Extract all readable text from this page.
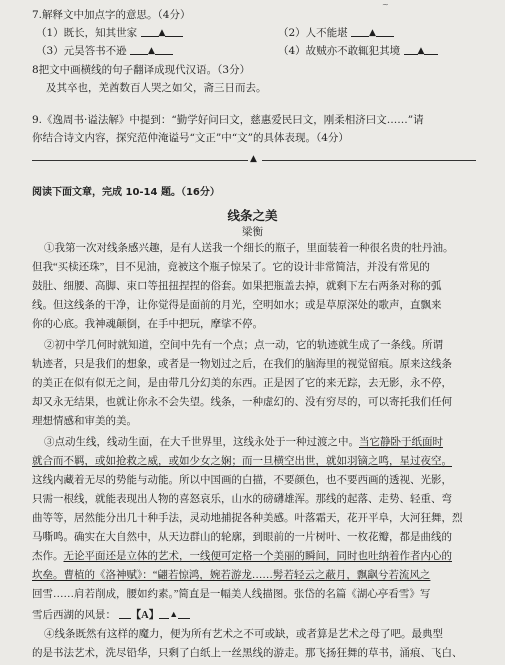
7.解释文中加点字的意思。（4分）
~
（1）既长，知其世家 ▲	（2）人不能堪 ▲
（3）元昊答书不逊 ▲	（4）故贼亦不敢辄犯其境 ▲
8把文中画横线的句子翻译成现代汉语。（3分）
及其卒也，羌酋数百人哭之如父，斋三日而去。
9.《逸周书·谥法解》中提到：“勤学好问曰文，慈惠爱民曰文，刚柔相济曰文……”请
你结合诗文内容，探究范仲淹谥号“文正”中“文”的具体表现。（4分）
▲
阅读下面文章，完成 10-14 题。（16分）
线条之美
梁衡
①我第一次对线条感兴趣，是有人送我一个细长的瓶子，里面装着一种很名贵的牡丹油。
但我“买椟还珠”，目不见油，竟被这个瓶子惊呆了。它的设计非常简洁，并没有常见的
鼓肚、细腰、高脚、束口等扭扭捏捏的俗套。如果把瓶盖去掉，就剩下左右两条对称的弧
线。但这线条的干净，让你觉得是面前的月光，空明如水；或是草原深处的歌声，直飘来
你的心底。我神魂颠倒，在手中把玩，摩挲不停。
②初中学几何时就知道，空间中先有一个点；点一动，它的轨迹就生成了一条线。所谓
轨迹者，只是我们的想象，或者是一物划过之后，在我们的脑海里的视觉留痕。原来这线条
的美正在似有似无之间，是由带几分幻美的东西。正是因了它的来无踪，去无影，永不停，
却又永无结果，也就让你永不会失望。线条，一种虚幻的、没有穷尽的，可以寄托我们任何
理想情感和审美的美。
③点动生线，线动生面，在大千世界里，这线永处于一种过渡之中。当它静卧于纸面时
就合而不羁，或如抢救之威，或如少女之娴；而一旦横空出世，就如羽镝之鸣，星过夜空。
这线内藏着无尽的势能与动能。所以中国画的白描，不要颜色，也不要西画的透视、光影，
只需一根线，就能表现出人物的喜怒哀乐，山水的磅礴雄浑。那线的起落、走势、轻重、弯
曲等等，居然能分出几十种手法，灵动地捕捉各种美感。叶落霜天，花开平阜，大河狂舞，烈
马嘶鸣。确实在大自然中，从天边群山的轮廓，到眼前的一片树叶、一枚花瓣，都是曲线的
杰作。无论平面还是立体的艺术，一线便可定格一个美丽的瞬间，同时也吐纳着作者内心的
坎垒。曹植的《洛神赋》：“翩若惊鸿，婉若游龙……髣若轻云之蔽月，飘飖兮若流风之
回雪……肩若削成，腰如约素。”简直是一幅美人线描图。张岱的名篇《湖心亭看雪》写
雪后西湖的风景： 【A】 ▲
④线条既然有这样的魔力，便为所有艺术之不可或缺，或者算是艺术之母了吧。最典型
的是书法艺术，洗尽铅华，只剩了白纸上一丝黑线的游走。那飞扬狂舞的草书，涌痕、飞白、
